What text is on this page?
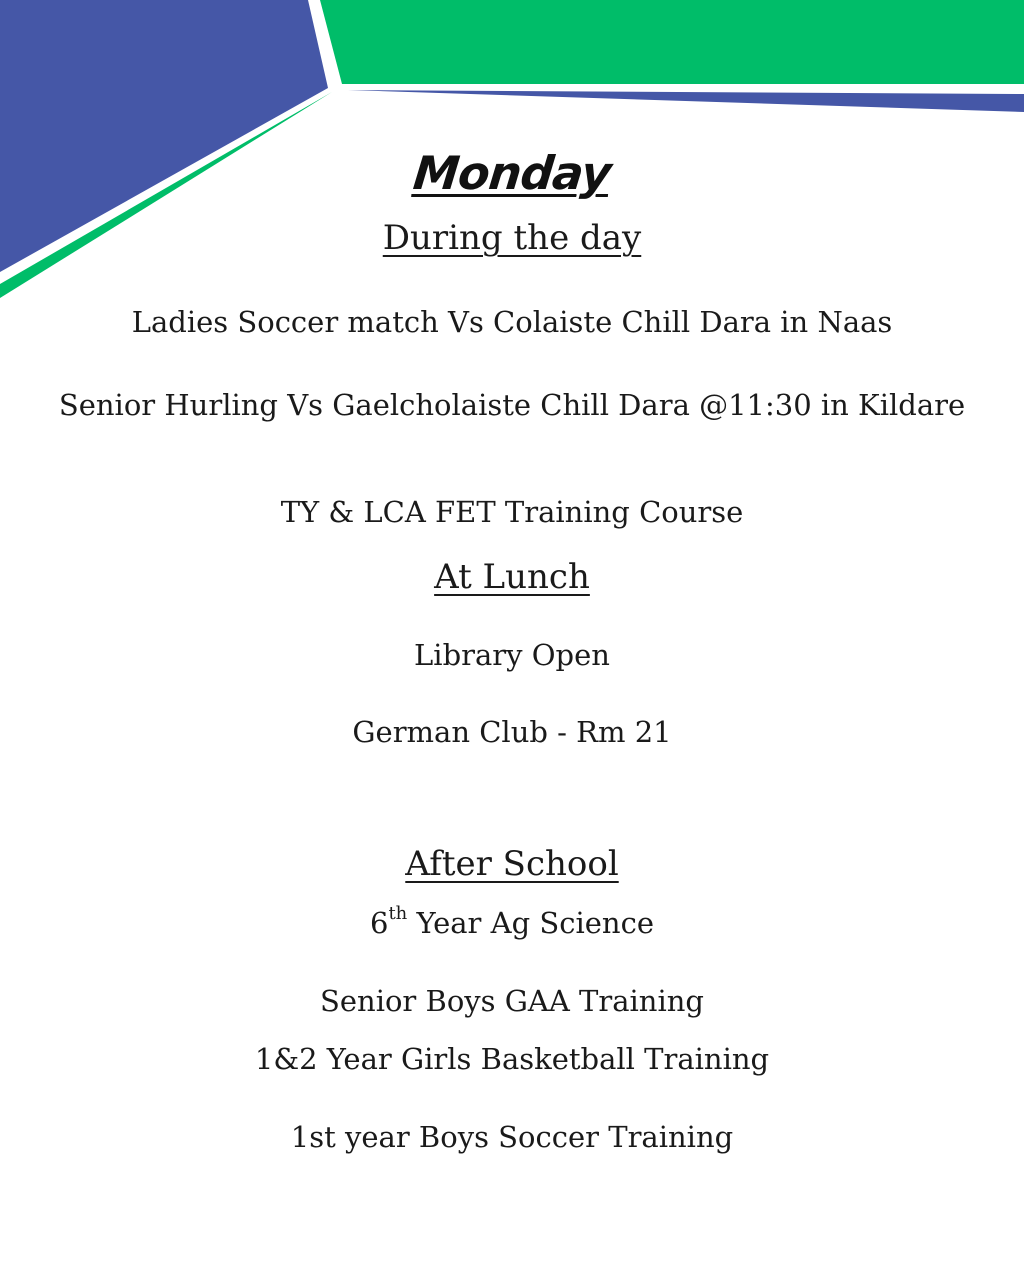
Monday
During the day
Ladies Soccer match Vs Colaiste Chill Dara in Naas
Senior Hurling Vs Gaelcholaiste Chill Dara @11:30 in Kildare
TY & LCA FET Training Course
At Lunch
Library Open
German Club - Rm 21
After School
6th Year Ag Science
Senior Boys GAA Training
1&2 Year Girls Basketball Training
1st year Boys Soccer Training
